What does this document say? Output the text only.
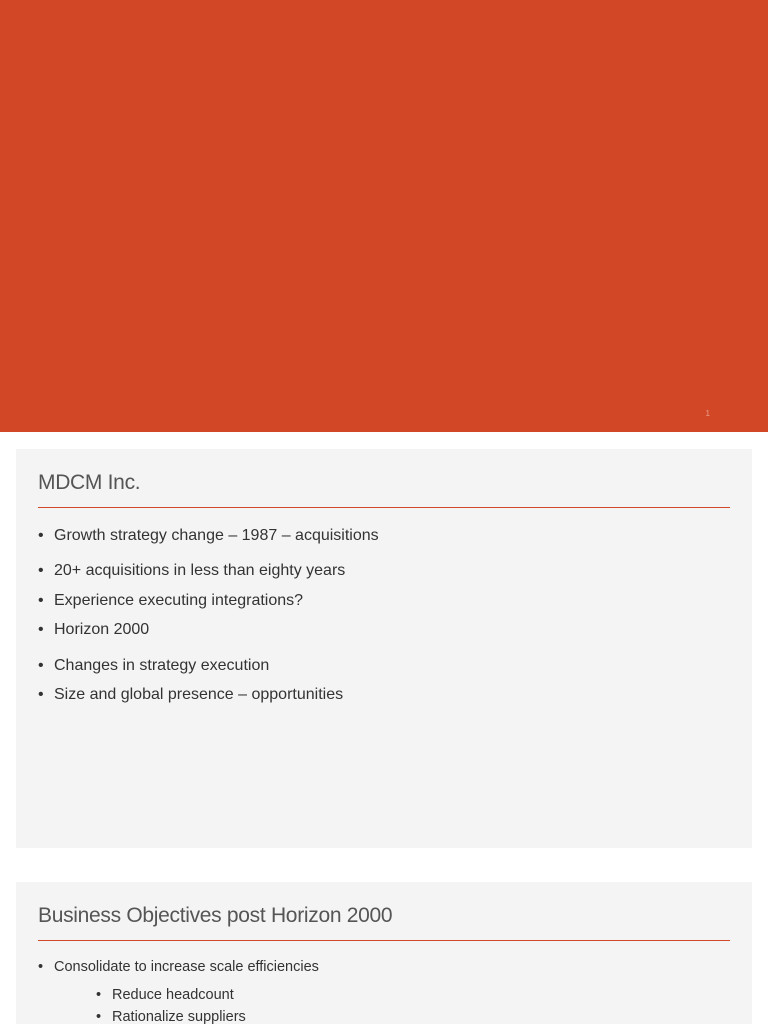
1
MDCM Inc.
• Growth strategy change – 1987 – acquisitions
• 20+ acquisitions in less than eighty years
• Experience executing integrations?
• Horizon 2000
• Changes in strategy execution
• Size and global presence – opportunities
Business Objectives post Horizon 2000
• Consolidate to increase scale efficiencies
• Reduce headcount
• Rationalize suppliers
